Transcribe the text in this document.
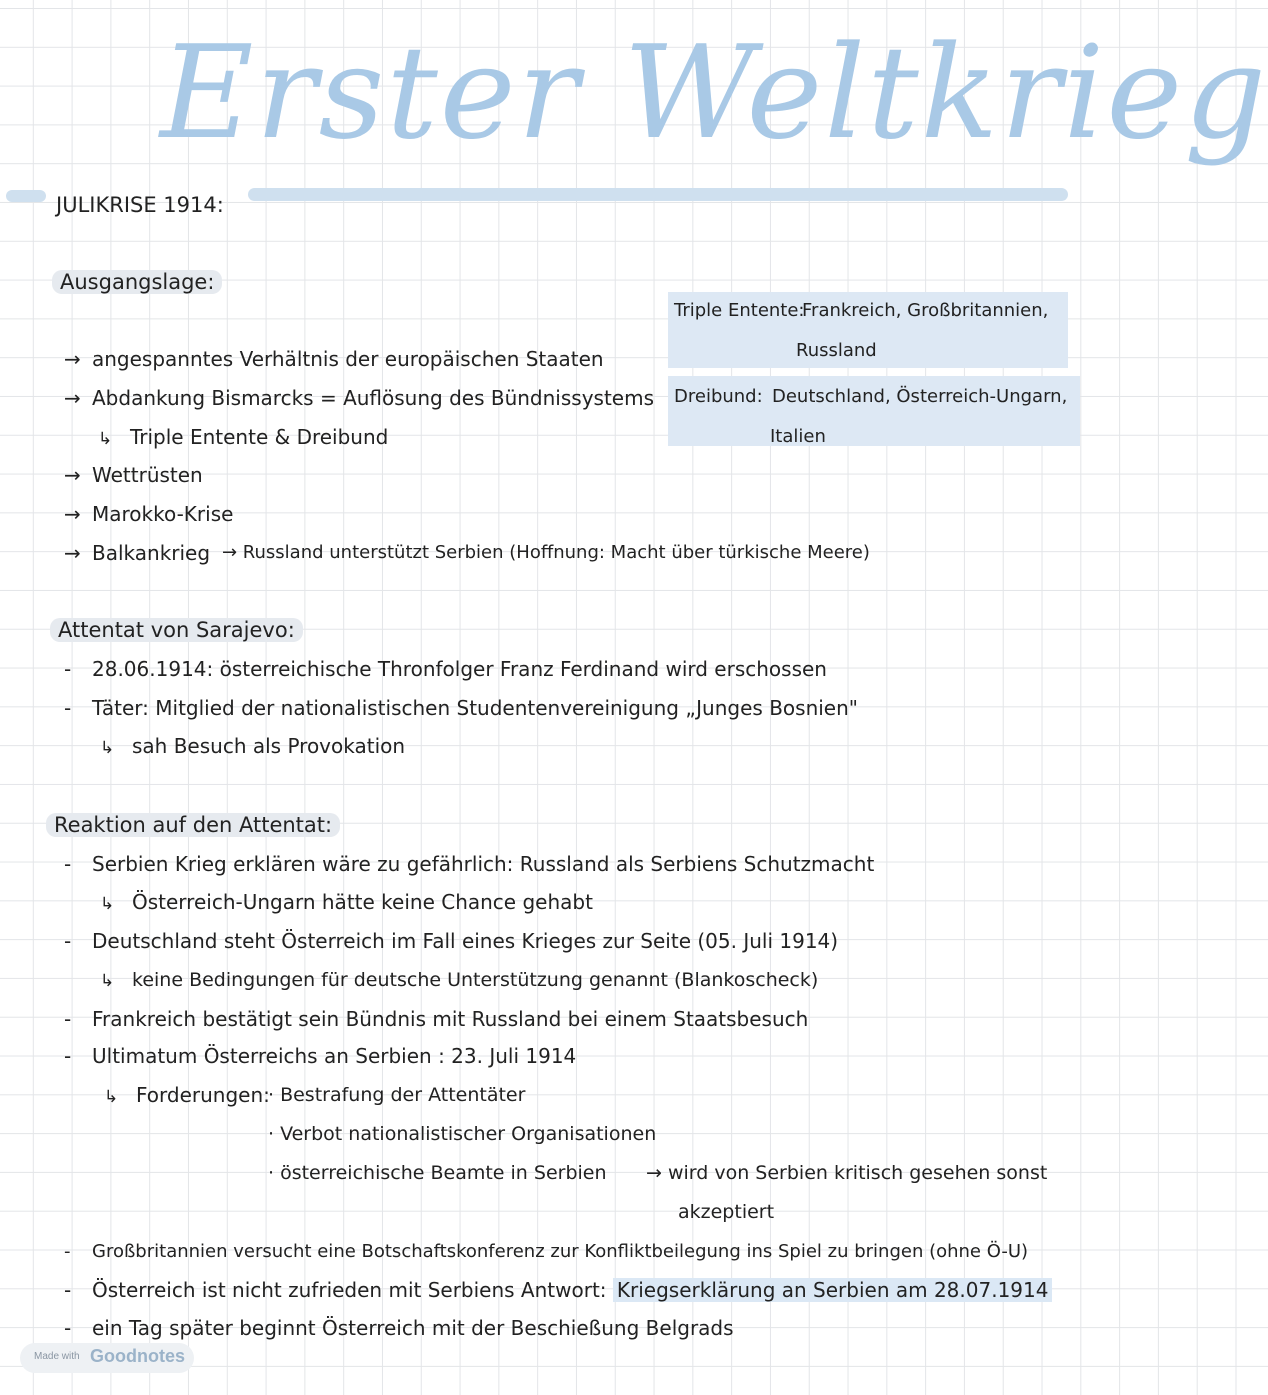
Erster Weltkrieg
JULIKRISE 1914:
Ausgangslage:
→ angespanntes Verhältnis der europäischen Staaten
→ Abdankung Bismarcks = Auflösung des Bündnissystems
↳ Triple Entente & Dreibund
→ Wettrüsten
→ Marokko-Krise
→ Balkankrieg → Russland unterstützt Serbien (Hoffnung: Macht über türkische Meere)
Triple Entente:
Frankreich, Großbritannien,
Russland
Dreibund: Deutschland, Österreich-Ungarn,
Italien
Attentat von Sarajevo:
- 28.06.1914: österreichische Thronfolger Franz Ferdinand wird erschossen
- Täter: Mitglied der nationalistischen Studentenvereinigung „Junges Bosnien"
↳ sah Besuch als Provokation
Reaktion auf den Attentat:
- Serbien Krieg erklären wäre zu gefährlich: Russland als Serbiens Schutzmacht
↳ Österreich-Ungarn hätte keine Chance gehabt
- Deutschland steht Österreich im Fall eines Krieges zur Seite (05. Juli 1914)
↳ keine Bedingungen für deutsche Unterstützung genannt (Blankoscheck)
- Frankreich bestätigt sein Bündnis mit Russland bei einem Staatsbesuch
- Ultimatum Österreichs an Serbien : 23. Juli 1914
↳ Forderungen:
· Bestrafung der Attentäter
· Verbot nationalistischer Organisationen
· österreichische Beamte in Serbien → wird von Serbien kritisch gesehen sonst
akzeptiert
- Großbritannien versucht eine Botschaftskonferenz zur Konfliktbeilegung ins Spiel zu bringen (ohne Ö-U)
- Österreich ist nicht zufrieden mit Serbiens Antwort: Kriegserklärung an Serbien am 28.07.1914
- ein Tag später beginnt Österreich mit der Beschießung Belgrads
Made with Goodnotes
